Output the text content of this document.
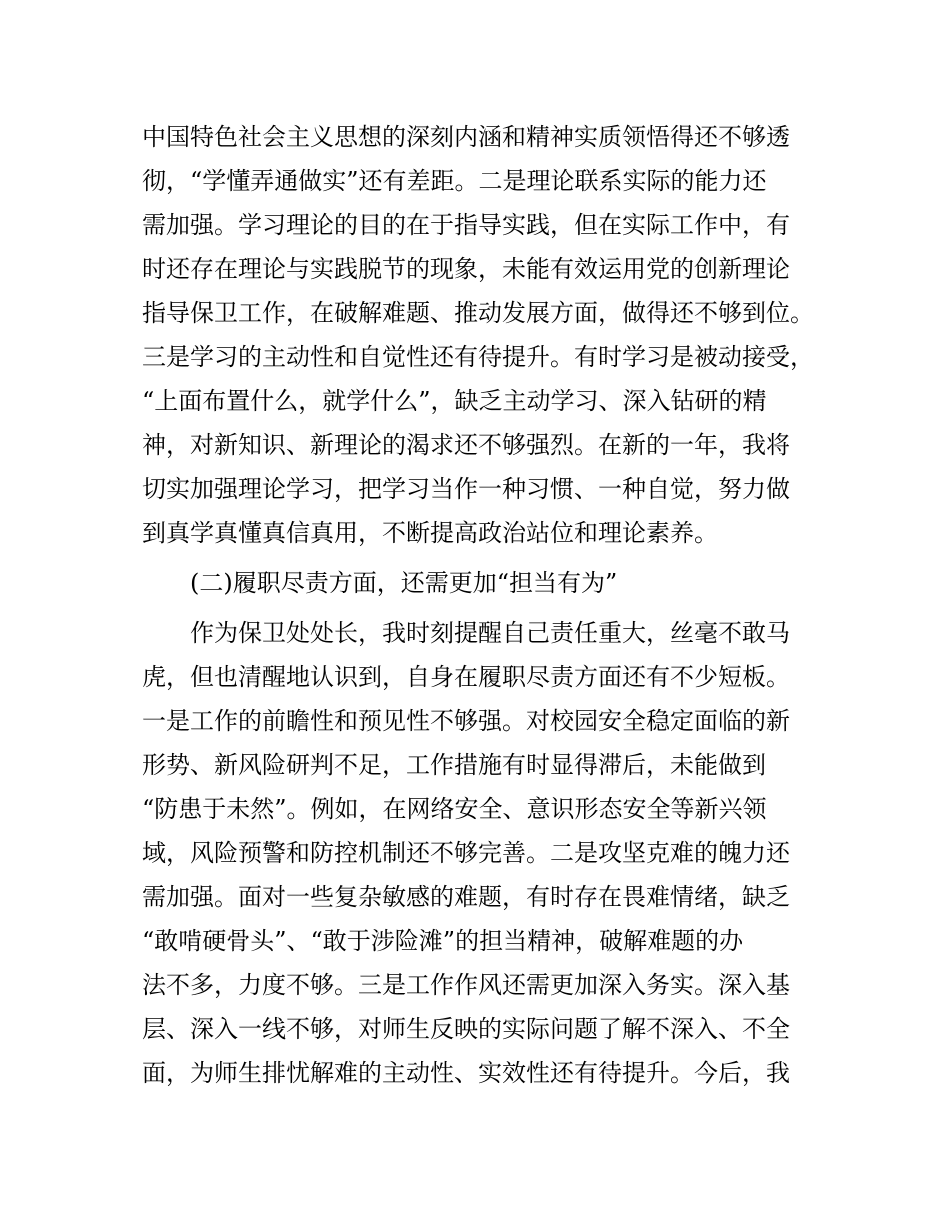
中国特色社会主义思想的深刻内涵和精神实质领悟得还不够透
彻，“学懂弄通做实”还有差距。二是理论联系实际的能力还
需加强。学习理论的目的在于指导实践，但在实际工作中，有
时还存在理论与实践脱节的现象，未能有效运用党的创新理论
指导保卫工作，在破解难题、推动发展方面，做得还不够到位。
三是学习的主动性和自觉性还有待提升。有时学习是被动接受，
“上面布置什么，就学什么”，缺乏主动学习、深入钻研的精
神，对新知识、新理论的渴求还不够强烈。在新的一年，我将
切实加强理论学习，把学习当作一种习惯、一种自觉，努力做
到真学真懂真信真用，不断提高政治站位和理论素养。
(二)履职尽责方面，还需更加“担当有为”
作为保卫处处长，我时刻提醒自己责任重大，丝毫不敢马
虎，但也清醒地认识到，自身在履职尽责方面还有不少短板。
一是工作的前瞻性和预见性不够强。对校园安全稳定面临的新
形势、新风险研判不足，工作措施有时显得滞后，未能做到
“防患于未然”。例如，在网络安全、意识形态安全等新兴领
域，风险预警和防控机制还不够完善。二是攻坚克难的魄力还
需加强。面对一些复杂敏感的难题，有时存在畏难情绪，缺乏
“敢啃硬骨头”、“敢于涉险滩”的担当精神，破解难题的办
法不多，力度不够。三是工作作风还需更加深入务实。深入基
层、深入一线不够，对师生反映的实际问题了解不深入、不全
面，为师生排忧解难的主动性、实效性还有待提升。今后，我
